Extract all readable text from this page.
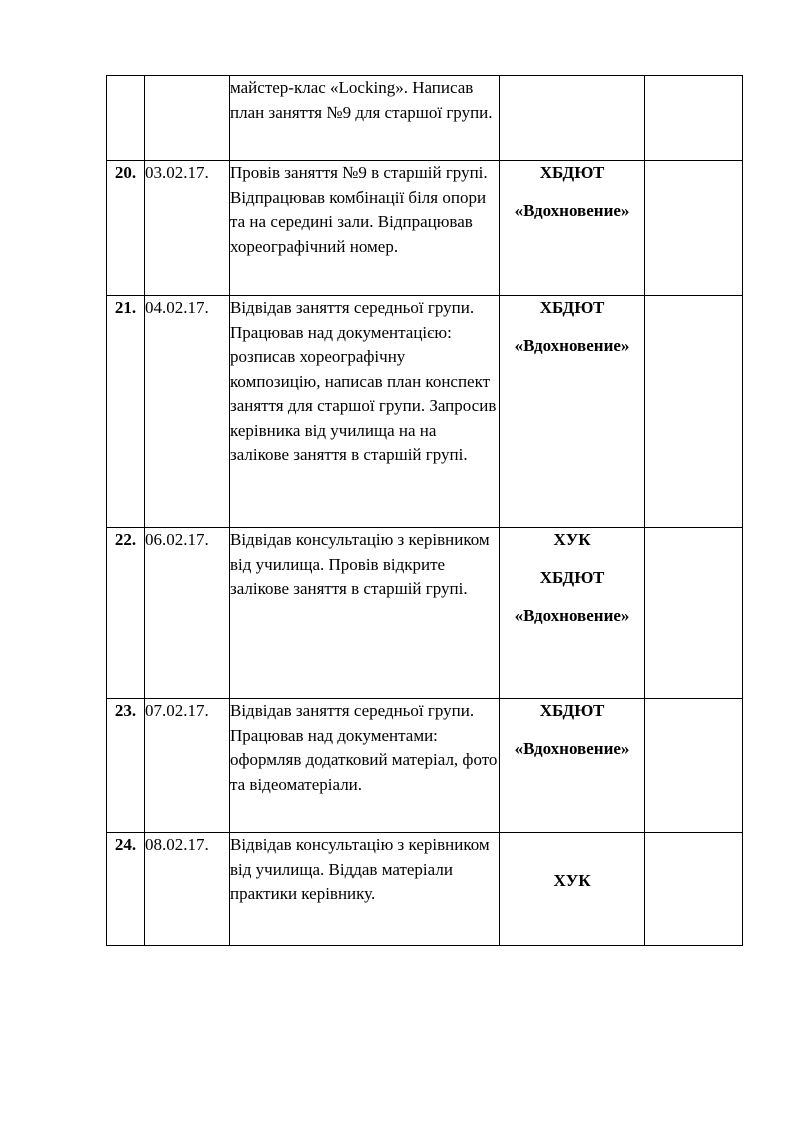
		майстер-клас «Locking». Написав план заняття №9 для старшої групи.		
20.	03.02.17.	Провів заняття №9 в старшій групі. Відпрацював комбінації біля опори та на середині зали. Відпрацював хореографічний номер.	ХБДЮТ
«Вдохновение»	

21.	04.02.17.	Відвідав заняття середньої групи. Працював над документацією: розписав хореографічну композицію, написав план конспект заняття для старшої групи. Запросив керівника від училища на на залікове заняття в старшій групі.	ХБДЮТ
«Вдохновение»	

22.	06.02.17.	Відвідав консультацію з керівником від училища. Провів відкрите залікове заняття в старшій групі.	ХУК
ХБДЮТ
«Вдохновение»	

23.	07.02.17.	Відвідав заняття середньої групи. Працював над документами: оформляв додатковий матеріал, фото та відеоматеріали.	ХБДЮТ
«Вдохновение»	

24.	08.02.17.	Відвідав консультацію з керівником від училища. Віддав матеріали практики керівнику.	ХУК	
